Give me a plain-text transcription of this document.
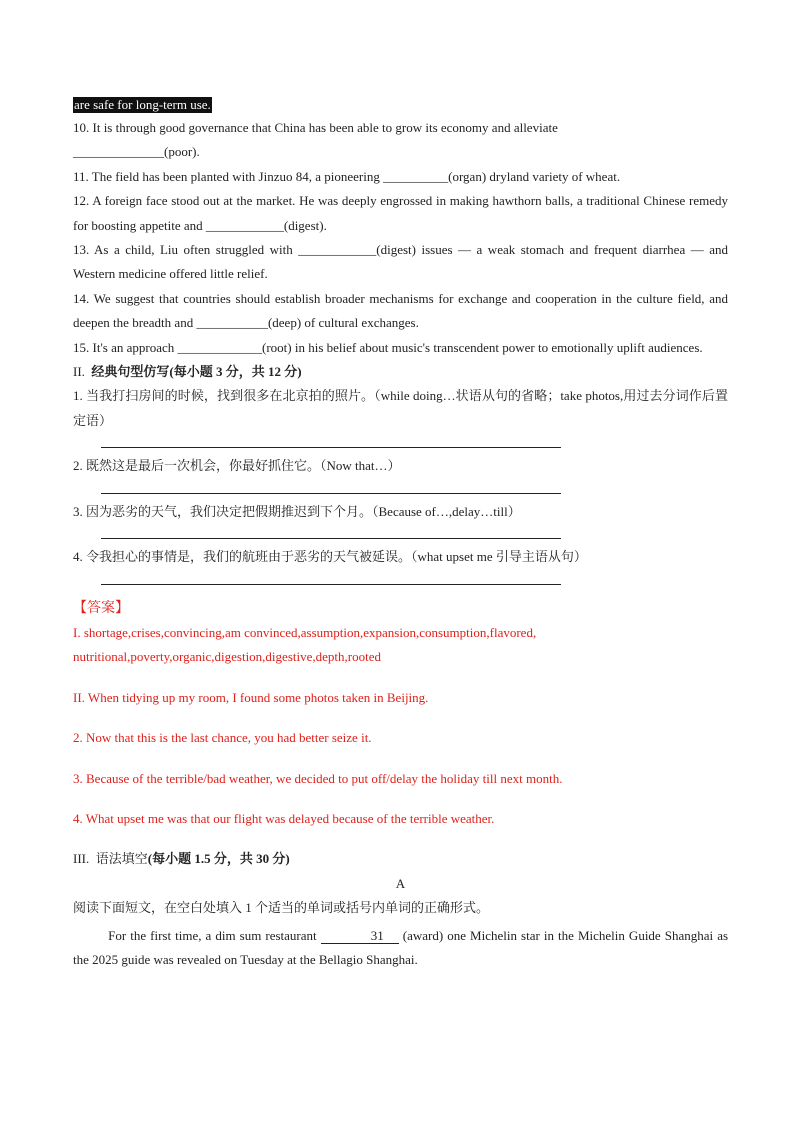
are safe for long-term use.

10. It is through good governance that China has been able to grow its economy and alleviate
______________(poor).

11. The field has been planted with Jinzuo 84, a pioneering __________(organ) dryland variety of wheat.

12. A foreign face stood out at the market. He was deeply engrossed in making hawthorn balls, a traditional Chinese remedy for boosting appetite and ____________(digest).

13. As a child, Liu often struggled with ____________(digest) issues — a weak stomach and frequent diarrhea — and Western medicine offered little relief.

14. We suggest that countries should establish broader mechanisms for exchange and cooperation in the culture field, and deepen the breadth and ___________(deep) of cultural exchanges.

15. It's an approach _____________(root) in his belief about music's transcendent power to emotionally uplift audiences.

II. 经典句型仿写(每小题 3 分，共 12 分)

1. 当我打扫房间的时候，找到很多在北京拍的照片。（while doing…状语从句的省略；take photos,用过去分词作后置定语）

2. 既然这是最后一次机会，你最好抓住它。（Now that…）

3. 因为恶劣的天气，我们决定把假期推迟到下个月。（Because of…,delay…till）

4. 令我担心的事情是，我们的航班由于恶劣的天气被延误。（what upset me 引导主语从句）

【答案】

I. shortage,crises,convincing,am convinced,assumption,expansion,consumption,flavored, nutritional,poverty,organic,digestion,digestive,depth,rooted

II. When tidying up my room, I found some photos taken in Beijing.

2. Now that this is the last chance, you had better seize it.

3. Because of the terrible/bad weather, we decided to put off/delay the holiday till next month.

4. What upset me was that our flight was delayed because of the terrible weather.

III. 语法填空(每小题 1.5 分，共 30 分)

A

阅读下面短文，在空白处填入 1 个适当的单词或括号内单词的正确形式。

For the first time, a dim sum restaurant	31 (award) one Michelin star in the Michelin Guide Shanghai as the 2025 guide was revealed on Tuesday at the Bellagio Shanghai.
